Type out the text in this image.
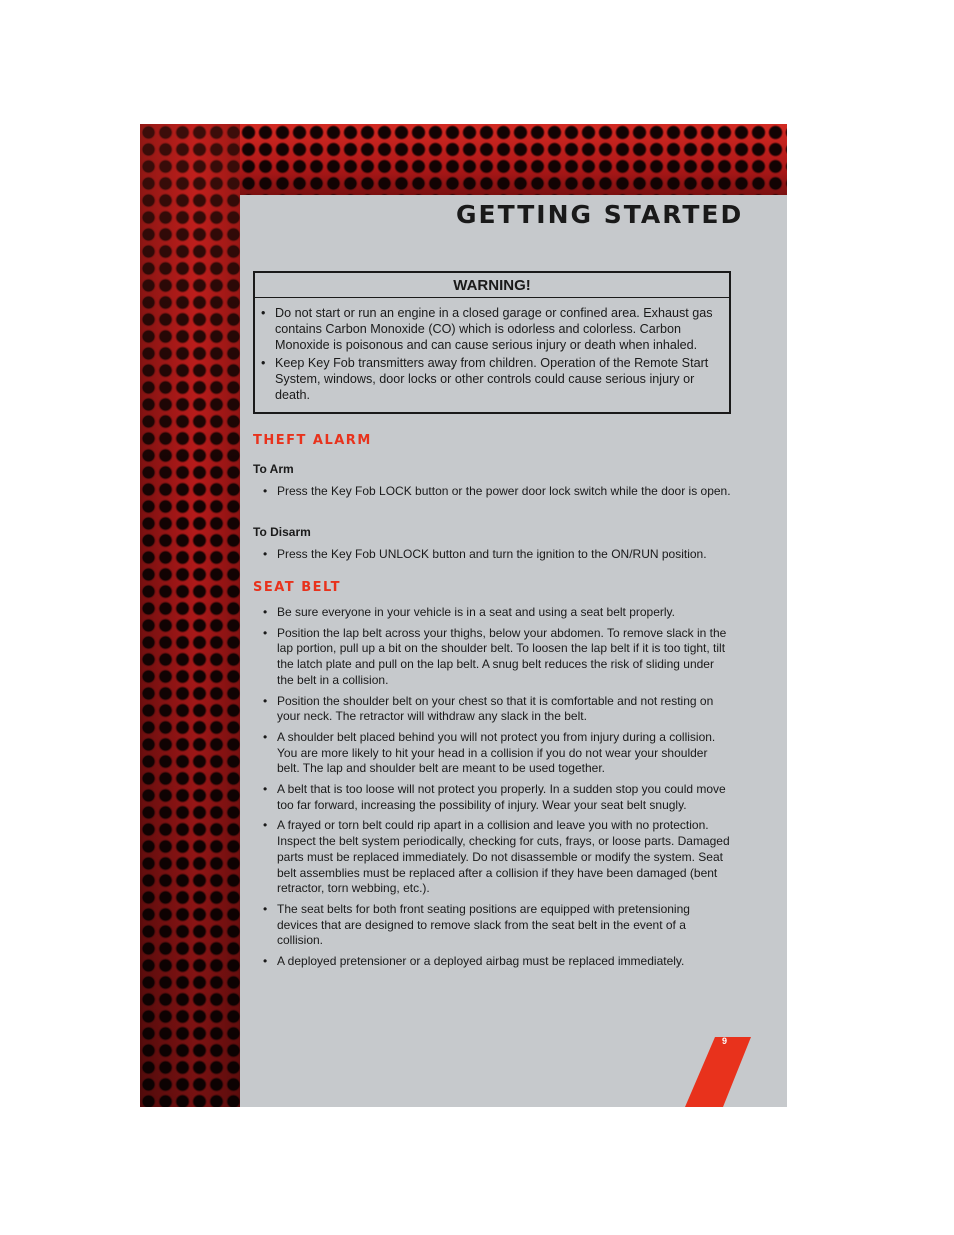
GETTING STARTED
WARNING!
• Do not start or run an engine in a closed garage or confined area. Exhaust gas contains Carbon Monoxide (CO) which is odorless and colorless. Carbon Monoxide is poisonous and can cause serious injury or death when inhaled.
• Keep Key Fob transmitters away from children. Operation of the Remote Start System, windows, door locks or other controls could cause serious injury or death.
THEFT ALARM
To Arm
• Press the Key Fob LOCK button or the power door lock switch while the door is open.
To Disarm
• Press the Key Fob UNLOCK button and turn the ignition to the ON/RUN position.
SEAT BELT
• Be sure everyone in your vehicle is in a seat and using a seat belt properly.
• Position the lap belt across your thighs, below your abdomen. To remove slack in the lap portion, pull up a bit on the shoulder belt. To loosen the lap belt if it is too tight, tilt the latch plate and pull on the lap belt. A snug belt reduces the risk of sliding under the belt in a collision.
• Position the shoulder belt on your chest so that it is comfortable and not resting on your neck. The retractor will withdraw any slack in the belt.
• A shoulder belt placed behind you will not protect you from injury during a collision. You are more likely to hit your head in a collision if you do not wear your shoulder belt. The lap and shoulder belt are meant to be used together.
• A belt that is too loose will not protect you properly. In a sudden stop you could move too far forward, increasing the possibility of injury. Wear your seat belt snugly.
• A frayed or torn belt could rip apart in a collision and leave you with no protection. Inspect the belt system periodically, checking for cuts, frays, or loose parts. Damaged parts must be replaced immediately. Do not disassemble or modify the system. Seat belt assemblies must be replaced after a collision if they have been damaged (bent retractor, torn webbing, etc.).
• The seat belts for both front seating positions are equipped with pretensioning devices that are designed to remove slack from the seat belt in the event of a collision.
• A deployed pretensioner or a deployed airbag must be replaced immediately.
9
